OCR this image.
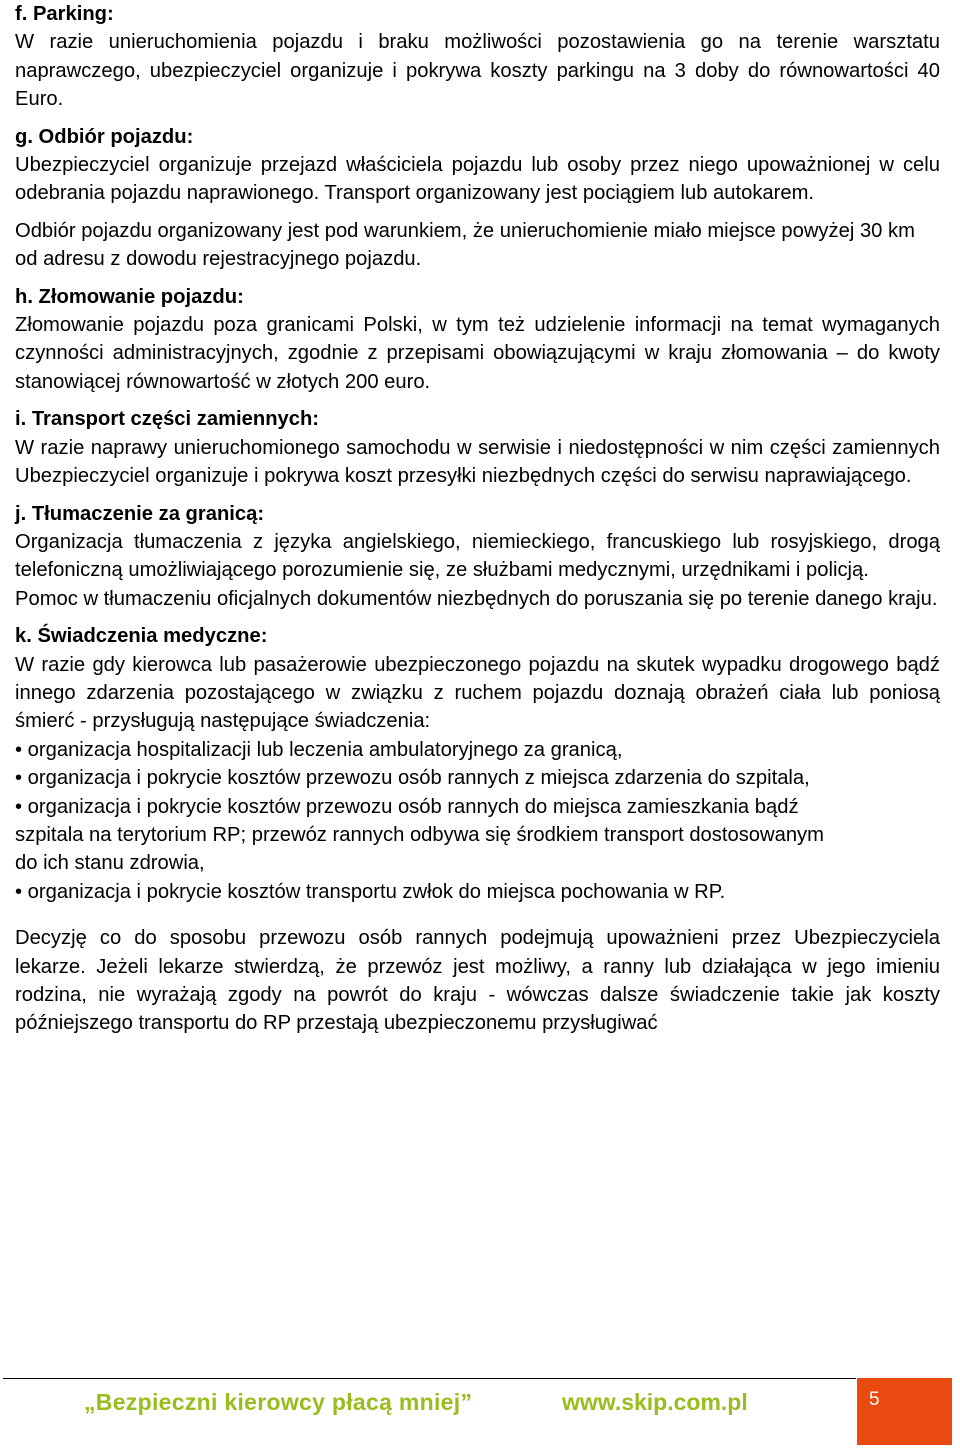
f. Parking:

W razie unieruchomienia pojazdu i braku możliwości pozostawienia go na terenie warsztatu naprawczego, ubezpieczyciel organizuje i pokrywa koszty parkingu na 3 doby do równowartości 40 Euro.

g. Odbiór pojazdu:

Ubezpieczyciel organizuje przejazd właściciela pojazdu lub osoby przez niego upoważnionej w celu odebrania pojazdu naprawionego. Transport organizowany jest pociągiem lub autokarem.

Odbiór pojazdu organizowany jest pod warunkiem, że unieruchomienie miało miejsce powyżej 30 km od adresu z dowodu rejestracyjnego pojazdu.

h. Złomowanie pojazdu:

Złomowanie pojazdu poza granicami Polski, w tym też udzielenie informacji na temat wymaganych czynności administracyjnych, zgodnie z przepisami obowiązującymi w kraju złomowania – do kwoty stanowiącej równowartość w złotych 200 euro.

i. Transport części zamiennych:

W razie naprawy unieruchomionego samochodu w serwisie i niedostępności w nim części zamiennych Ubezpieczyciel organizuje i pokrywa koszt przesyłki niezbędnych części do serwisu naprawiającego.

j. Tłumaczenie za granicą:

Organizacja tłumaczenia z języka angielskiego, niemieckiego, francuskiego lub rosyjskiego, drogą telefoniczną umożliwiającego porozumienie się, ze służbami medycznymi, urzędnikami i policją.

Pomoc w tłumaczeniu oficjalnych dokumentów niezbędnych do poruszania się po terenie danego kraju.

k. Świadczenia medyczne:

W razie gdy kierowca lub pasażerowie ubezpieczonego pojazdu na skutek wypadku drogowego bądź innego zdarzenia pozostającego w związku z ruchem pojazdu doznają obrażeń ciała lub poniosą śmierć - przysługują następujące świadczenia:

• organizacja hospitalizacji lub leczenia ambulatoryjnego za granicą,

• organizacja i pokrycie kosztów przewozu osób rannych z miejsca zdarzenia do szpitala,

• organizacja i pokrycie kosztów przewozu osób rannych do miejsca zamieszkania bądź

szpitala na terytorium RP; przewóz rannych odbywa się środkiem transport dostosowanym

do ich stanu zdrowia,

• organizacja i pokrycie kosztów transportu zwłok do miejsca pochowania w RP.

Decyzję co do sposobu przewozu osób rannych podejmują upoważnieni przez Ubezpieczyciela lekarze. Jeżeli lekarze stwierdzą, że przewóz jest możliwy, a ranny lub działająca w jego imieniu rodzina, nie wyrażają zgody na powrót do kraju - wówczas dalsze świadczenie takie jak koszty późniejszego transportu do RP przestają ubezpieczonemu przysługiwać

„Bezpieczni kierowcy płacą mniej”	www.skip.com.pl	5
